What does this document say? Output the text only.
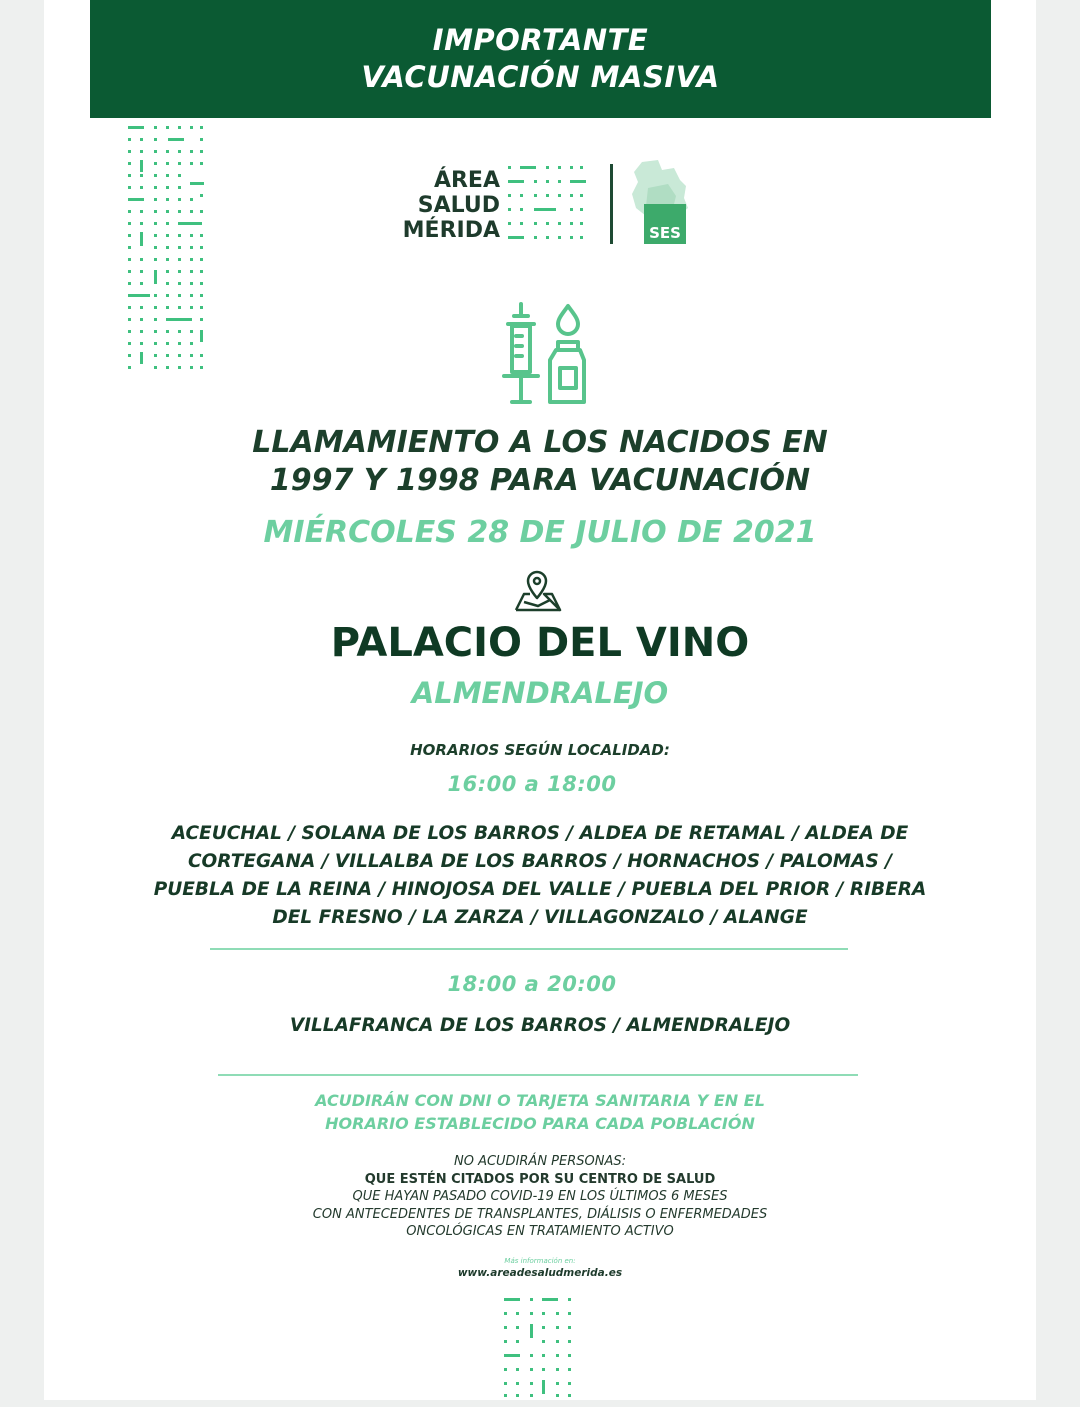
IMPORTANTE
VACUNACIÓN MASIVA
ÁREA
SALUD
MÉRIDA	SES
LLAMAMIENTO A LOS NACIDOS EN
1997 Y 1998 PARA VACUNACIÓN
MIÉRCOLES 28 DE JULIO DE 2021
PALACIO DEL VINO
ALMENDRALEJO
HORARIOS SEGÚN LOCALIDAD:
16:00 a 18:00
ACEUCHAL / SOLANA DE LOS BARROS / ALDEA DE RETAMAL / ALDEA DE
CORTEGANA / VILLALBA DE LOS BARROS / HORNACHOS / PALOMAS /
PUEBLA DE LA REINA / HINOJOSA DEL VALLE / PUEBLA DEL PRIOR / RIBERA
DEL FRESNO / LA ZARZA / VILLAGONZALO / ALANGE
18:00 a 20:00
VILLAFRANCA DE LOS BARROS / ALMENDRALEJO
ACUDIRÁN CON DNI O TARJETA SANITARIA Y EN EL
HORARIO ESTABLECIDO PARA CADA POBLACIÓN
NO ACUDIRÁN PERSONAS:
QUE ESTÉN CITADOS POR SU CENTRO DE SALUD
QUE HAYAN PASADO COVID-19 EN LOS ÚLTIMOS 6 MESES
CON ANTECEDENTES DE TRANSPLANTES, DIÁLISIS O ENFERMEDADES
ONCOLÓGICAS EN TRATAMIENTO ACTIVO
Más información en:
www.areadesaludmerida.es
